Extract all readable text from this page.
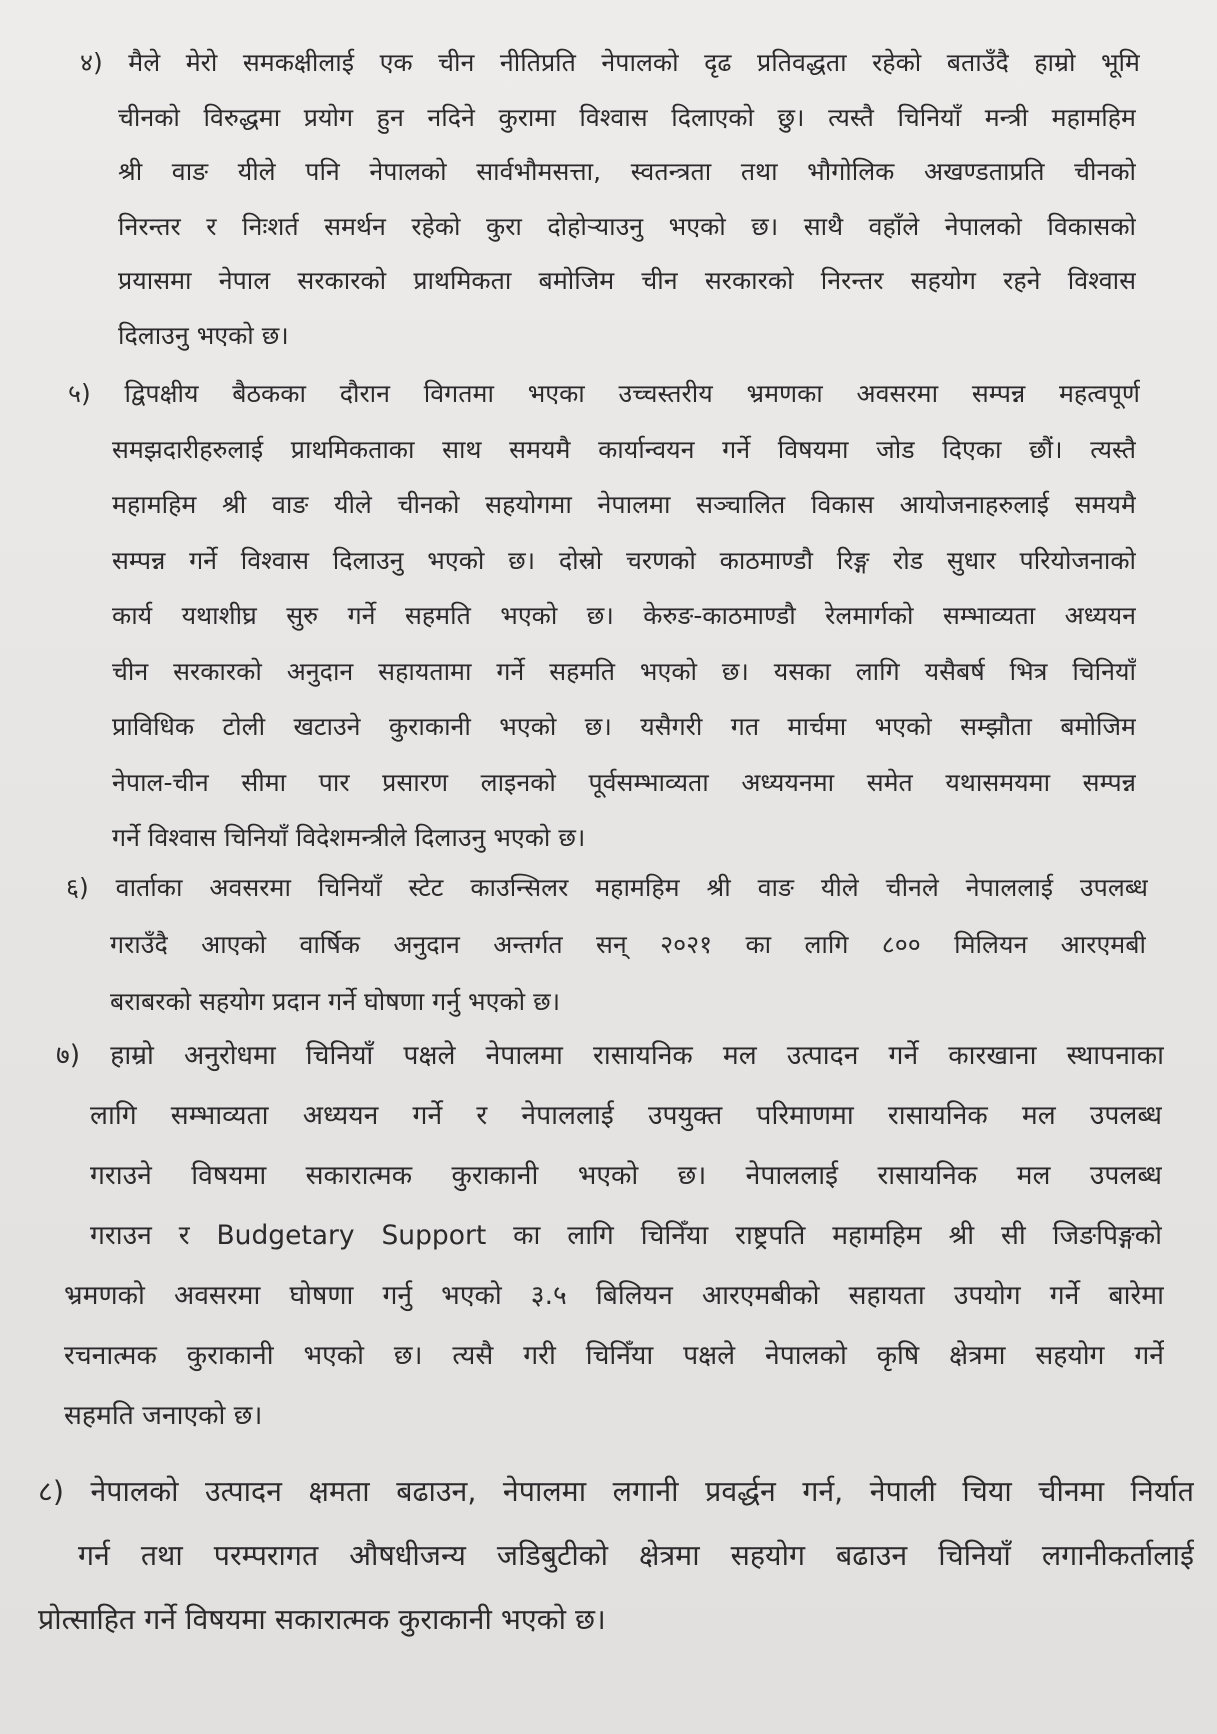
४) मैले मेरो समकक्षीलाई एक चीन नीतिप्रति नेपालको दृढ प्रतिवद्धता रहेको बताउँदै हाम्रो भूमि
चीनको विरुद्धमा प्रयोग हुन नदिने कुरामा विश्वास दिलाएको छु। त्यस्तै चिनियाँ मन्त्री महामहिम
श्री वाङ यीले पनि नेपालको सार्वभौमसत्ता, स्वतन्त्रता तथा भौगोलिक अखण्डताप्रति चीनको
निरन्तर र निःशर्त समर्थन रहेको कुरा दोहोर्‍याउनु भएको छ। साथै वहाँले नेपालको विकासको
प्रयासमा नेपाल सरकारको प्राथमिकता बमोजिम चीन सरकारको निरन्तर सहयोग रहने विश्वास
दिलाउनु भएको छ।
५) द्विपक्षीय बैठकका दौरान विगतमा भएका उच्चस्तरीय भ्रमणका अवसरमा सम्पन्न महत्वपूर्ण
समझदारीहरुलाई प्राथमिकताका साथ समयमै कार्यान्वयन गर्ने विषयमा जोड दिएका छौं। त्यस्तै
महामहिम श्री वाङ यीले चीनको सहयोगमा नेपालमा सञ्चालित विकास आयोजनाहरुलाई समयमै
सम्पन्न गर्ने विश्वास दिलाउनु भएको छ। दोस्रो चरणको काठमाण्डौ रिङ्ग रोड सुधार परियोजनाको
कार्य यथाशीघ्र सुरु गर्ने सहमति भएको छ। केरुङ-काठमाण्डौ रेलमार्गको सम्भाव्यता अध्ययन
चीन सरकारको अनुदान सहायतामा गर्ने सहमति भएको छ। यसका लागि यसैबर्ष भित्र चिनियाँ
प्राविधिक टोली खटाउने कुराकानी भएको छ। यसैगरी गत मार्चमा भएको सम्झौता बमोजिम
नेपाल-चीन सीमा पार प्रसारण लाइनको पूर्वसम्भाव्यता अध्ययनमा समेत यथासमयमा सम्पन्न
गर्ने विश्वास चिनियाँ विदेशमन्त्रीले दिलाउनु भएको छ।
६) वार्ताका अवसरमा चिनियाँ स्टेट काउन्सिलर महामहिम श्री वाङ यीले चीनले नेपाललाई उपलब्ध
गराउँदै आएको वार्षिक अनुदान अन्तर्गत सन् २०२१ का लागि ८०० मिलियन आरएमबी
बराबरको सहयोग प्रदान गर्ने घोषणा गर्नु भएको छ।
७) हाम्रो अनुरोधमा चिनियाँ पक्षले नेपालमा रासायनिक मल उत्पादन गर्ने कारखाना स्थापनाका
लागि सम्भाव्यता अध्ययन गर्ने र नेपाललाई उपयुक्त परिमाणमा रासायनिक मल उपलब्ध
गराउने विषयमा सकारात्मक कुराकानी भएको छ। नेपाललाई रासायनिक मल उपलब्ध
गराउन र Budgetary Support का लागि चिनिँया राष्ट्रपति महामहिम श्री सी जिङपिङ्गको
भ्रमणको अवसरमा घोषणा गर्नु भएको ३.५ बिलियन आरएमबीको सहायता उपयोग गर्ने बारेमा
रचनात्मक कुराकानी भएको छ। त्यसै गरी चिनिँया पक्षले नेपालको कृषि क्षेत्रमा सहयोग गर्ने
सहमति जनाएको छ।
८) नेपालको उत्पादन क्षमता बढाउन, नेपालमा लगानी प्रवर्द्धन गर्न, नेपाली चिया चीनमा निर्यात
गर्न तथा परम्परागत औषधीजन्य जडिबुटीको क्षेत्रमा सहयोग बढाउन चिनियाँ लगानीकर्तालाई
प्रोत्साहित गर्ने विषयमा सकारात्मक कुराकानी भएको छ।
